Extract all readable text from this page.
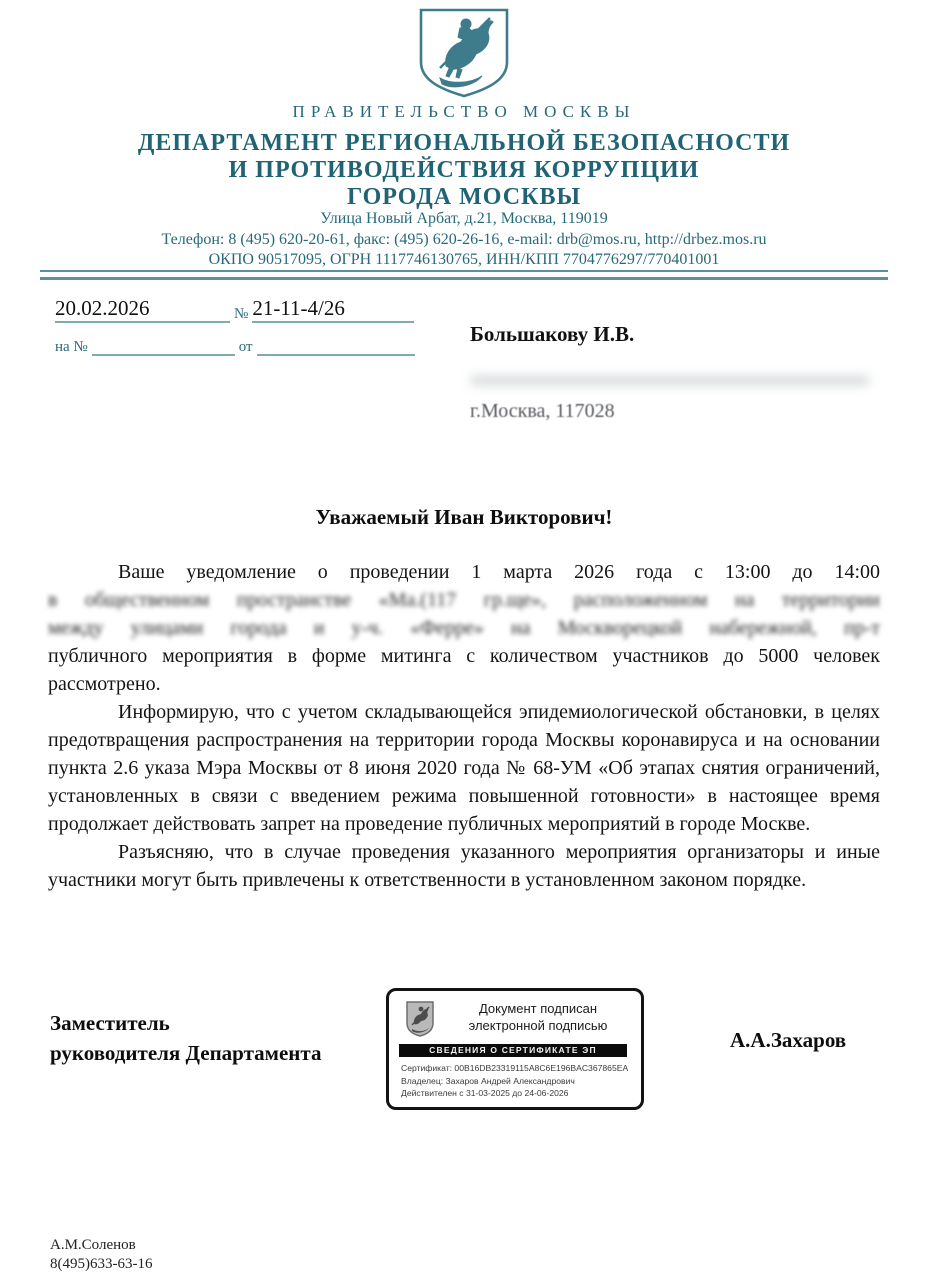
ПРАВИТЕЛЬСТВО МОСКВЫ
ДЕПАРТАМЕНТ РЕГИОНАЛЬНОЙ БЕЗОПАСНОСТИ
И ПРОТИВОДЕЙСТВИЯ КОРРУПЦИИ
ГОРОДА МОСКВЫ
Улица Новый Арбат, д.21, Москва, 119019
Телефон: 8 (495) 620-20-61, факс: (495) 620-26-16, e-mail: drb@mos.ru, http://drbez.mos.ru
ОКПО 90517095, ОГРН 1117746130765, ИНН/КПП 7704776297/770401001
20.02.2026	№ 21-11-4/26
на №	от
Большакову И.В.
г.Москва, 117028
Уважаемый Иван Викторович!
Ваше уведомление о проведении 1 марта 2026 года с 13:00 до 14:00
в общественном пространстве «Ма.(117 гр.ще», расположенном на территории
между улицами города и у-ч. «Ферре» на Москворецкой набережной, пр-т
публичного мероприятия в форме митинга с количеством участников до 5000 человек рассмотрено.

Информирую, что с учетом складывающейся эпидемиологической обстановки, в целях предотвращения распространения на территории города Москвы коронавируса и на основании пункта 2.6 указа Мэра Москвы от 8 июня 2020 года № 68-УМ «Об этапах снятия ограничений, установленных в связи с введением режима повышенной готовности» в настоящее время продолжает действовать запрет на проведение публичных мероприятий в городе Москве.

Разъясняю, что в случае проведения указанного мероприятия организаторы и иные участники могут быть привлечены к ответственности в установленном законом порядке.

Заместитель
руководителя Департамента
Документ подписан
электронной подписью
СВЕДЕНИЯ О СЕРТИФИКАТЕ ЭП
Сертификат: 00B16DB23319115A8C6E196BAC367865EA
Владелец: Захаров Андрей Александрович
Действителен с 31-03-2025 до 24-06-2026
А.А.Захаров
А.М.Соленов
8(495)633-63-16
